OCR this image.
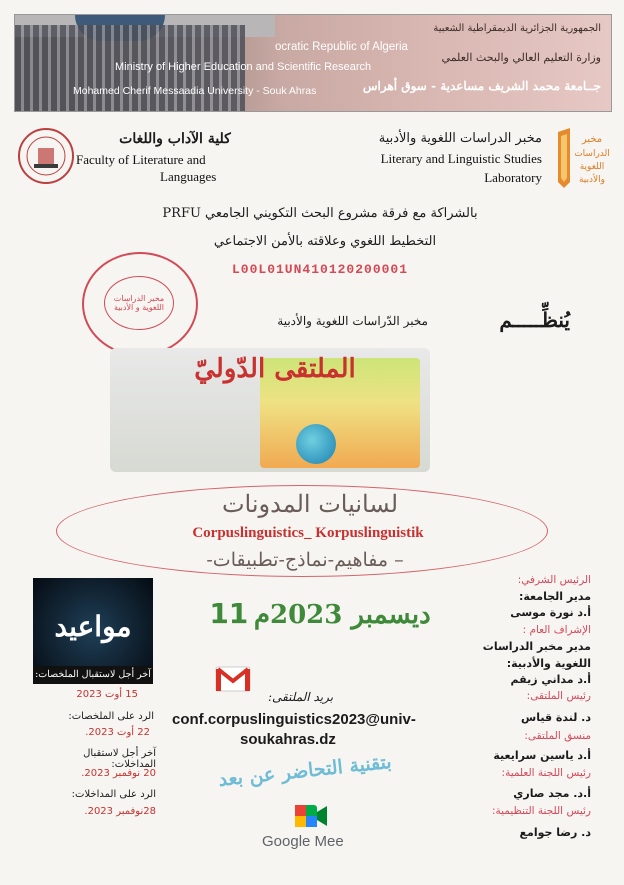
الجمهورية الجزائرية الديمقراطية الشعبية
ocratic Republic of Algeria
وزارة التعليم العالي والبحث العلمي
Ministry of Higher Education and Scientific Research
جــامعة محمد الشريف مساعدية - سوق أهراس
Mohamed Cherif Messaadia University - Souk Ahras
كلية الآداب واللغات
Faculty of Literature and
Languages
مخبر الدراسات اللغوية والأدبية
Literary and Linguistic Studies
Laboratory
مخبر
الدراسات
اللغوية
والأدبية
بالشراكة مع فرقة مشروع البحث التكويني الجامعي PRFU
التخطيط اللغوي وعلاقته بالأمن الاجتماعي
L00L01UN410120200001
مخبر الدراسات
اللغوية و الأدبية
يُنظِّـــــم
مخبر الدّراسات اللغوية والأدبية
الملتقى الدّوليّ
لسانيات المدونات
Corpuslinguistics_ Korpuslinguistik
– مفاهيم-نماذج-تطبيقات-
ديسمبر 2023م 11
مواعيد
آخر أجل لاستقبال الملخصات:
15 أوت 2023
الرد على الملخصات:
22 أوت 2023.
آخر أجل لاستقبال المداخلات:
20 نوفمبر 2023.
الرد على المداخلات:
28نوفمبر 2023.
بريد الملتقى:
conf.corpuslinguistics2023@univ-
soukahras.dz
بتقنية التحاضر عن بعد
Google Mee
الرئيس الشرفي:
مدير الجامعة:
أ.د نورة موسى
الإشراف العام :
مدير مخبر الدراسات
اللغوية والأدبية:
أ.د مداني زيقم
رئيس الملتقى:
د. لندة قياس
منسق الملتقى:
أ.د ياسين سرايعية
رئيس اللجنة العلمية:
أ.د. مجد صاري
رئيس اللجنة التنظيمية:
د. رضا جوامع
